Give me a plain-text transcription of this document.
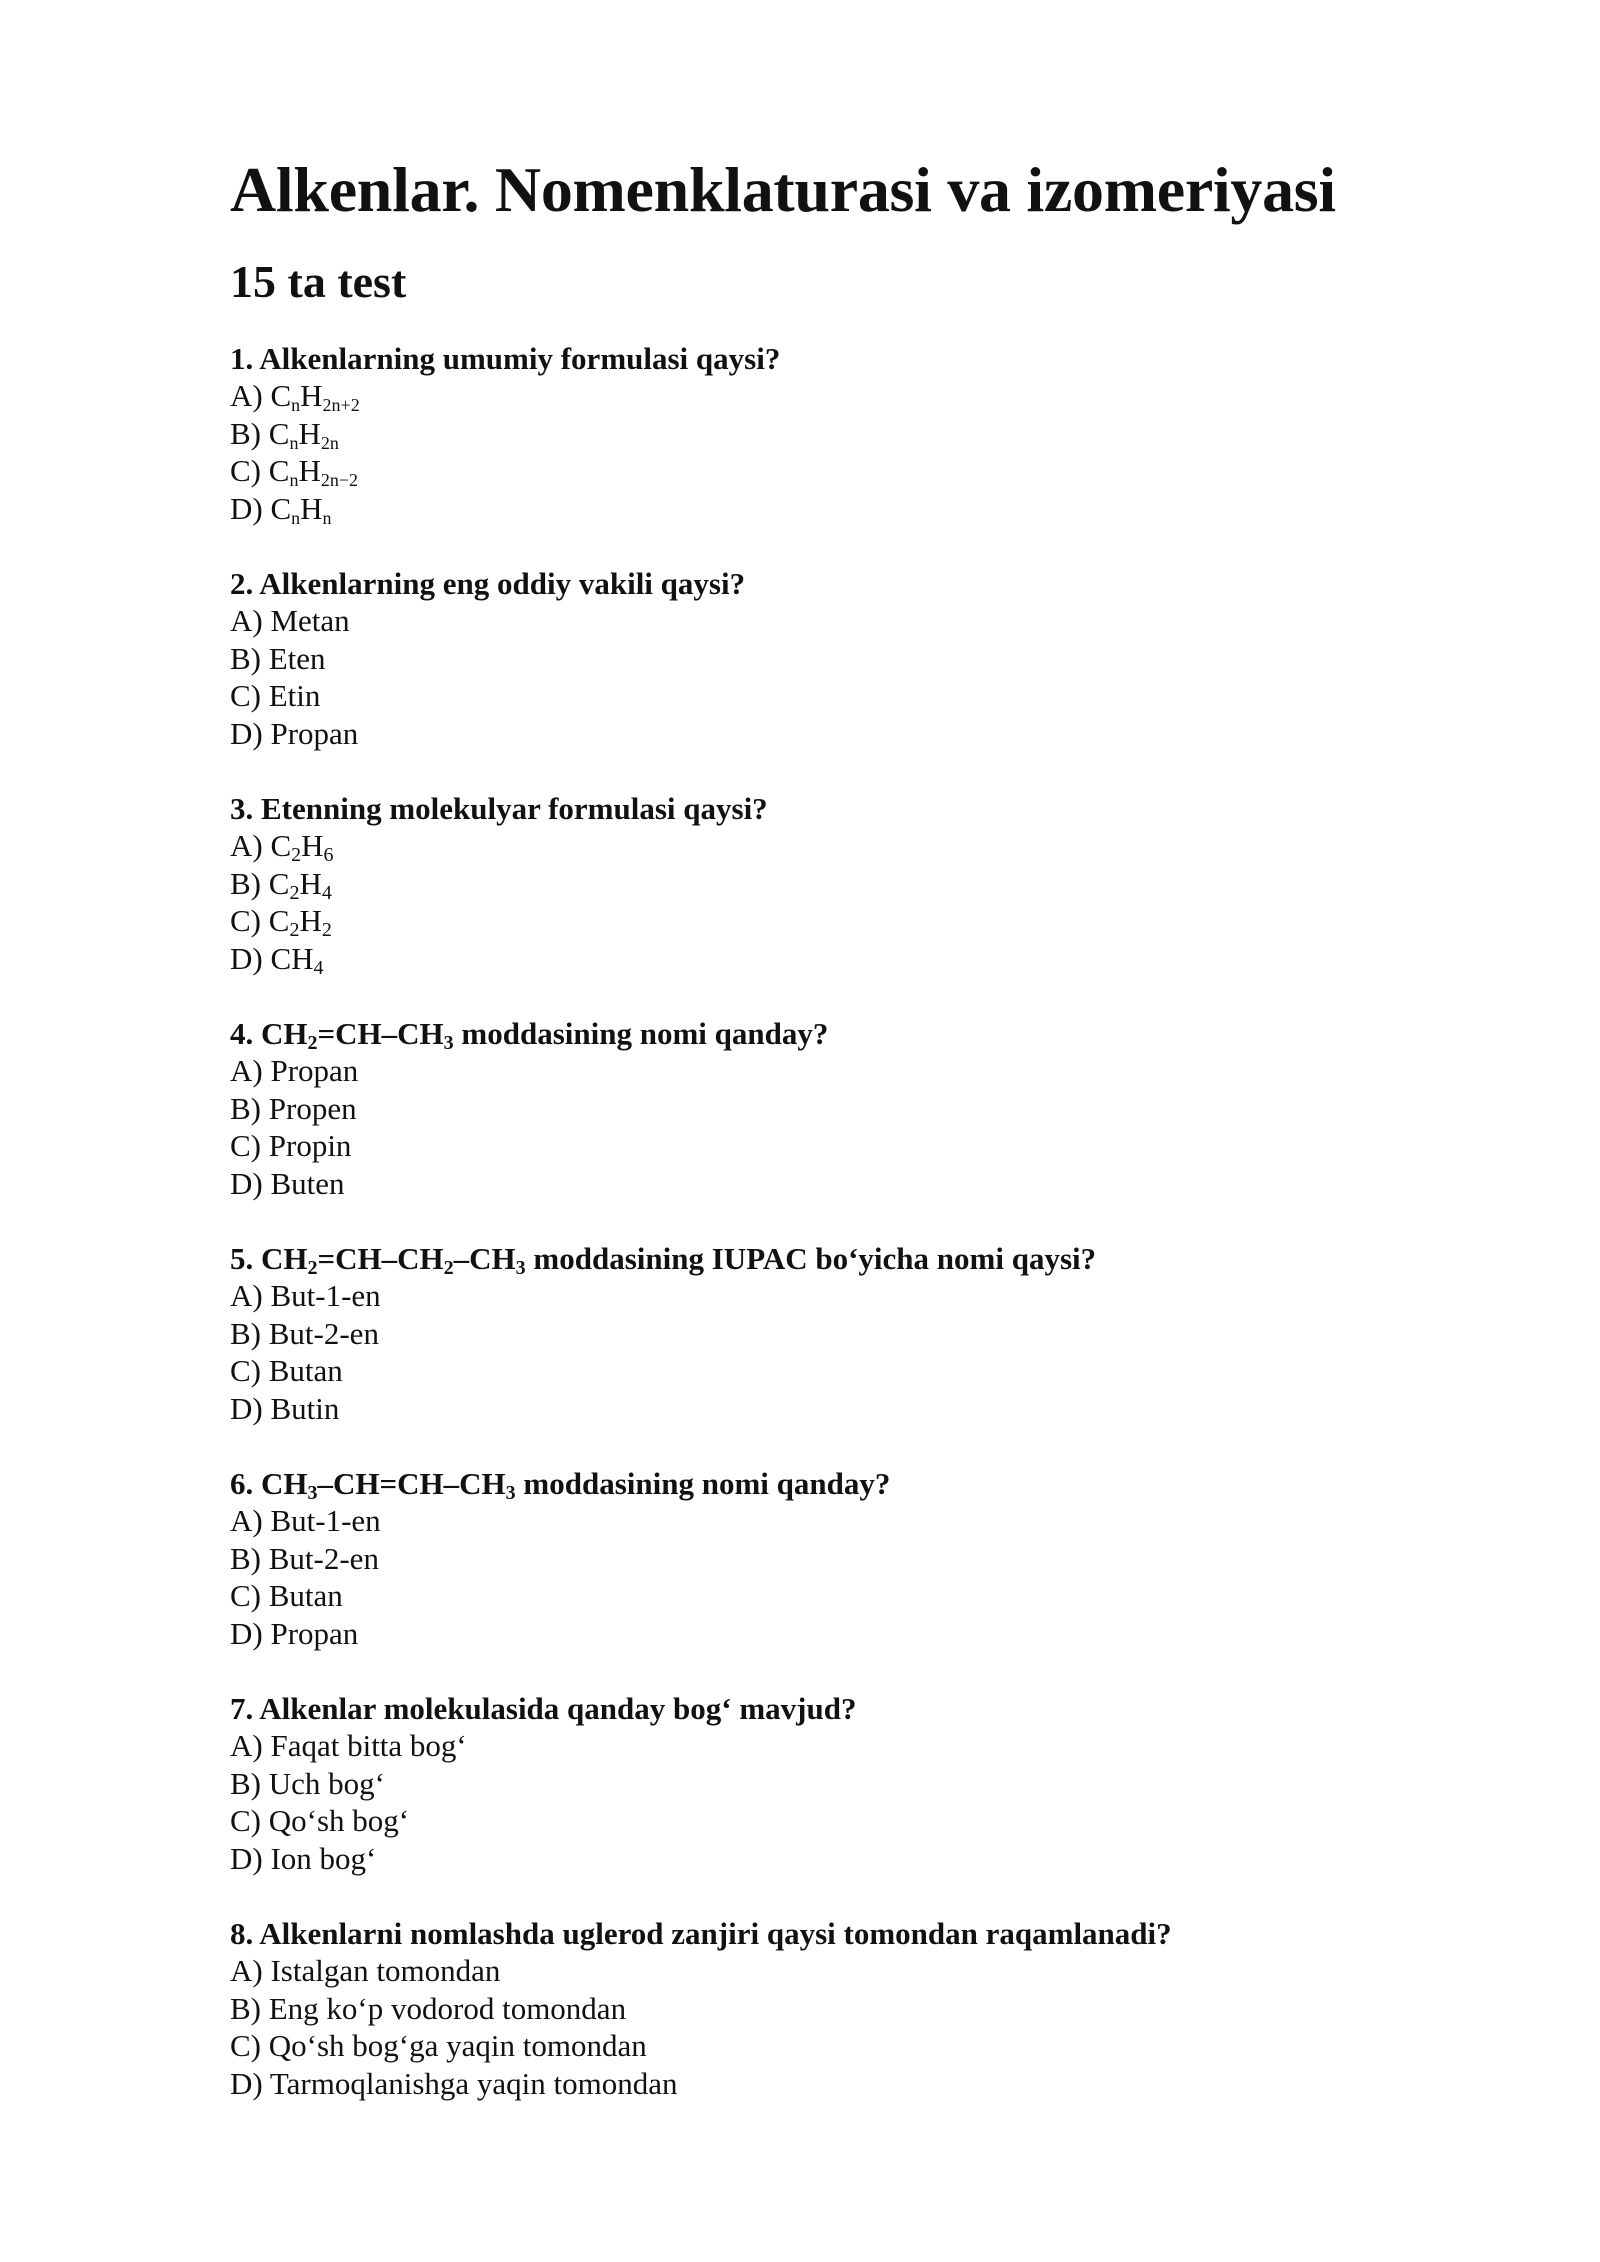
Alkenlar. Nomenklaturasi va izomeriyasi
15 ta test
1. Alkenlarning umumiy formulasi qaysi?
A) $C_nH_{2n+2}$
B) $C_nH_{2n}$
C) $C_nH_{2n-2}$
D) $C_nH_n$
2. Alkenlarning eng oddiy vakili qaysi?
A) Metan
B) Eten
C) Etin
D) Propan
3. Etenning molekulyar formulasi qaysi?
A) $C_2H_6$
B) $C_2H_4$
C) $C_2H_2$
D) $CH_4$
4. $CH_2=CH-CH_3$ moddasining nomi qanday?
A) Propan
B) Propen
C) Propin
D) Buten
5. $CH_2=CH-CH_2-CH_3$ moddasining IUPAC bo‘yicha nomi qaysi?
A) But-1-en
B) But-2-en
C) Butan
D) Butin
6. $CH_3-CH=CH-CH_3$ moddasining nomi qanday?
A) But-1-en
B) But-2-en
C) Butan
D) Propan
7. Alkenlar molekulasida qanday bog‘ mavjud?
A) Faqat bitta bog‘
B) Uch bog‘
C) Qo‘sh bog‘
D) Ion bog‘
8. Alkenlarni nomlashda uglerod zanjiri qaysi tomondan raqamlanadi?
A) Istalgan tomondan
B) Eng ko‘p vodorod tomondan
C) Qo‘sh bog‘ga yaqin tomondan
D) Tarmoqlanishga yaqin tomondan
